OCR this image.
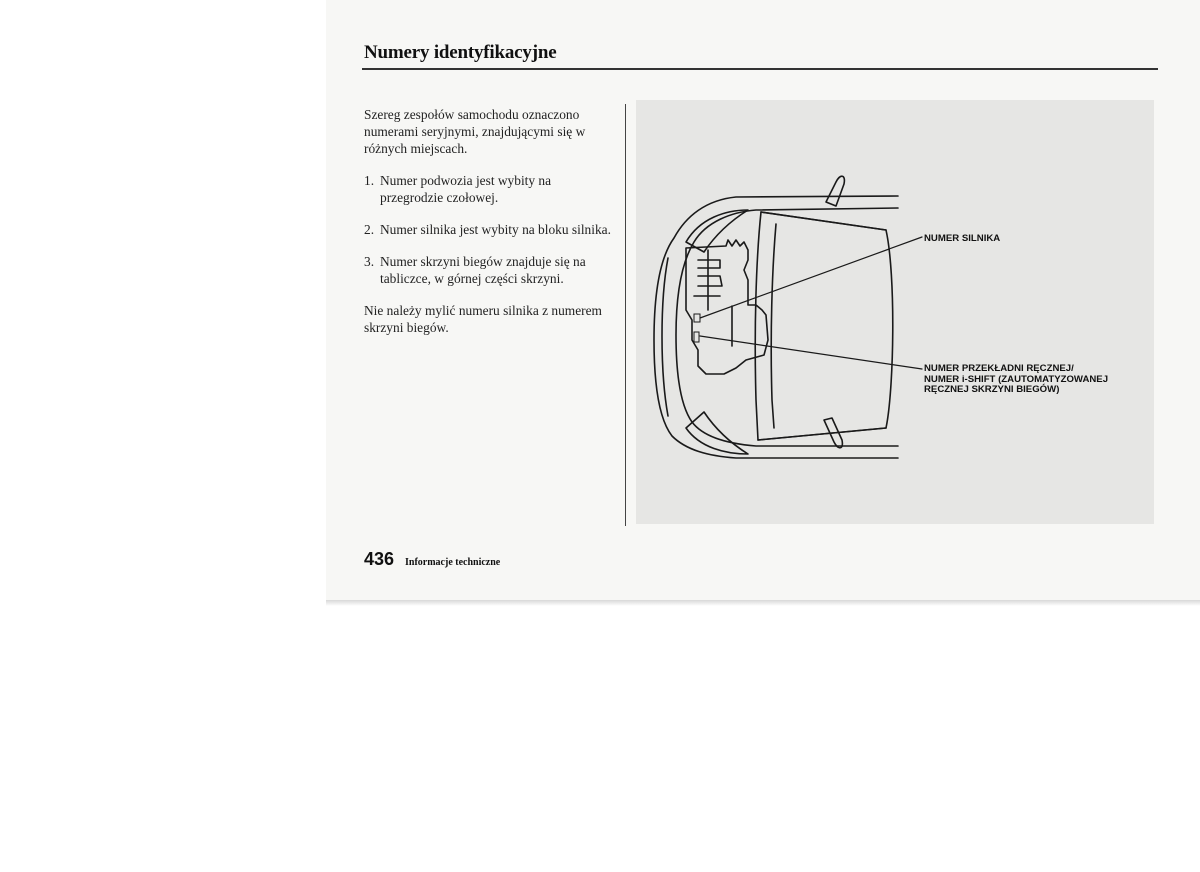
Numery identyfikacyjne

Szereg zespołów samochodu oznaczono numerami seryjnymi, znajdującymi się w różnych miejscach.

1. Numer podwozia jest wybity na przegrodzie czołowej.
2. Numer silnika jest wybity na bloku silnika.
3. Numer skrzyni biegów znajduje się na tabliczce, w górnej części skrzyni.

Nie należy mylić numeru silnika z numerem skrzyni biegów.

NUMER SILNIKA
NUMER PRZEKŁADNI RĘCZNEJ/
NUMER i-SHIFT (ZAUTOMATYZOWANEJ
RĘCZNEJ SKRZYNI BIEGÓW)
436 Informacje techniczne
